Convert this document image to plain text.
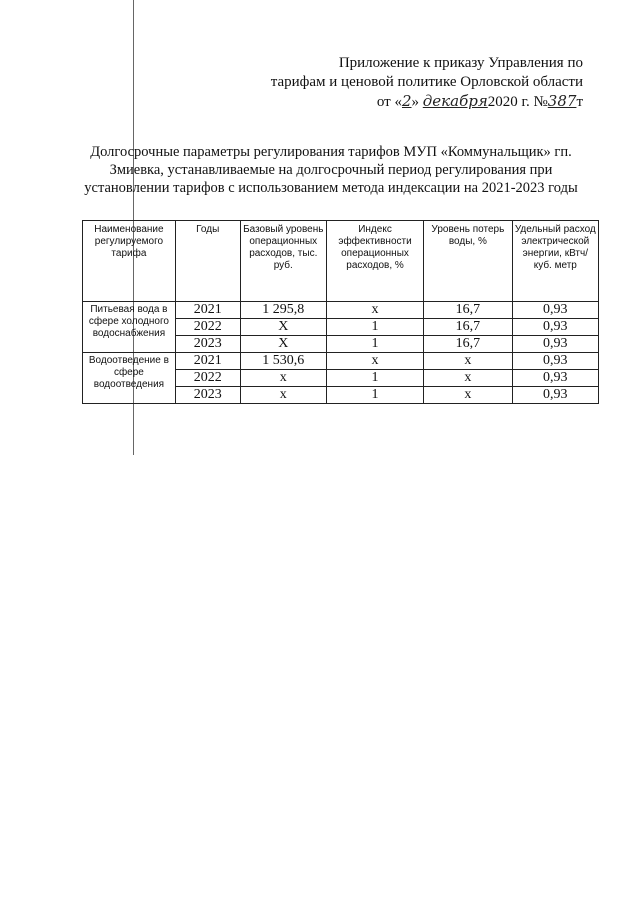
Приложение к приказу Управления по
тарифам и ценовой политике Орловской области
от «2» декабря2020 г. №387т
Долгосрочные параметры регулирования тарифов МУП «Коммунальщик» гп. Змиевка, устанавливаемые на долгосрочный период регулирования при установлении тарифов с использованием метода индексации на 2021-2023 годы
Наименование регулируемого тарифа	Годы	Базовый уровень операционных расходов, тыс. руб.	Индекс эффективности операционных расходов, %	Уровень потерь воды, %	Удельный расход электрической энергии, кВтч/куб. метр
Питьевая вода в сфере холодного водоснабжения	2021	1 295,8	х	16,7	0,93
	2022	Х	1	16,7	0,93
	2023	Х	1	16,7	0,93
Водоотведение в сфере водоотведения	2021	1 530,6	х	х	0,93
	2022	х	1	х	0,93
	2023	х	1	х	0,93
